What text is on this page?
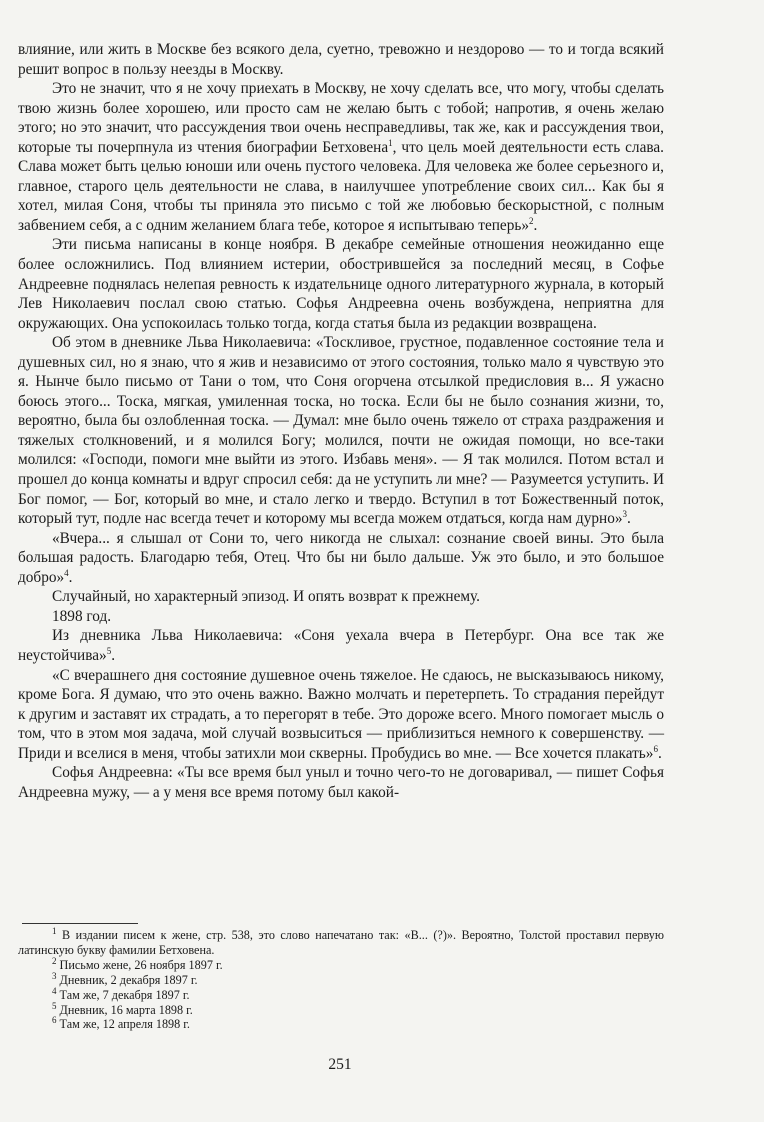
влияние, или жить в Москве без всякого дела, суетно, тревожно и нездорово — то и тогда всякий решит вопрос в пользу неезды в Москву.

Это не значит, что я не хочу приехать в Москву, не хочу сделать все, что могу, чтобы сделать твою жизнь более хорошею, или просто сам не желаю быть с тобой; напротив, я очень желаю этого; но это значит, что рассуждения твои очень несправедливы, так же, как и рассуждения твои, которые ты почерпнула из чтения биографии Бетховена$^1$, что цель моей деятельности есть слава. Слава может быть целью юноши или очень пустого человека. Для человека же более серьезного и, главное, старого цель деятельности не слава, в наилучшее употребление своих сил... Как бы я хотел, милая Соня, чтобы ты приняла это письмо с той же любовью бескорыстной, с полным забвением себя, а с одним желанием блага тебе, которое я испытываю теперь»$^2$.

Эти письма написаны в конце ноября. В декабре семейные отношения неожиданно еще более осложнились. Под влиянием истерии, обострившейся за последний месяц, в Софье Андреевне поднялась нелепая ревность к издательнице одного литературного журнала, в который Лев Николаевич послал свою статью. Софья Андреевна очень возбуждена, неприятна для окружающих. Она успокоилась только тогда, когда статья была из редакции возвращена.

Об этом в дневнике Льва Николаевича: «Тоскливое, грустное, подавленное состояние тела и душевных сил, но я знаю, что я жив и независимо от этого состояния, только мало я чувствую это я. Нынче было письмо от Тани о том, что Соня огорчена отсылкой предисловия в... Я ужасно боюсь этого... Тоска, мягкая, умиленная тоска, но тоска. Если бы не было сознания жизни, то, вероятно, была бы озлобленная тоска. — Думал: мне было очень тяжело от страха раздражения и тяжелых столкновений, и я молился Богу; молился, почти не ожидая помощи, но все-таки молился: «Господи, помоги мне выйти из этого. Избавь меня». — Я так молился. Потом встал и прошел до конца комнаты и вдруг спросил себя: да не уступить ли мне? — Разумеется уступить. И Бог помог, — Бог, который во мне, и стало легко и твердо. Вступил в тот Божественный поток, который тут, подле нас всегда течет и которому мы всегда можем отдаться, когда нам дурно»$^3$.

«Вчера... я слышал от Сони то, чего никогда не слыхал: сознание своей вины. Это была большая радость. Благодарю тебя, Отец. Что бы ни было дальше. Уж это было, и это большое добро»$^4$.

Случайный, но характерный эпизод. И опять возврат к прежнему.

1898 год.

Из дневника Льва Николаевича: «Соня уехала вчера в Петербург. Она все так же неустойчива»$^5$.

«С вчерашнего дня состояние душевное очень тяжелое. Не сдаюсь, не высказываюсь никому, кроме Бога. Я думаю, что это очень важно. Важно молчать и перетерпеть. То страдания перейдут к другим и заставят их страдать, а то перегорят в тебе. Это дороже всего. Много помогает мысль о том, что в этом моя задача, мой случай возвыситься — приблизиться немного к совершенству. — Приди и вселися в меня, чтобы затихли мои скверны. Пробудись во мне. — Все хочется плакать»$^6$.

Софья Андреевна: «Ты все время был уныл и точно чего-то не договаривал, — пишет Софья Андреевна мужу, — а у меня все время потому был какой-

$^1$ В издании писем к жене, стр. 538, это слово напечатано так: «В... (?)». Вероятно, Толстой проставил первую латинскую букву фамилии Бетховена.

$^2$ Письмо жене, 26 ноября 1897 г.

$^3$ Дневник, 2 декабря 1897 г.

$^4$ Там же, 7 декабря 1897 г.

$^5$ Дневник, 16 марта 1898 г.

$^6$ Там же, 12 апреля 1898 г.

251
